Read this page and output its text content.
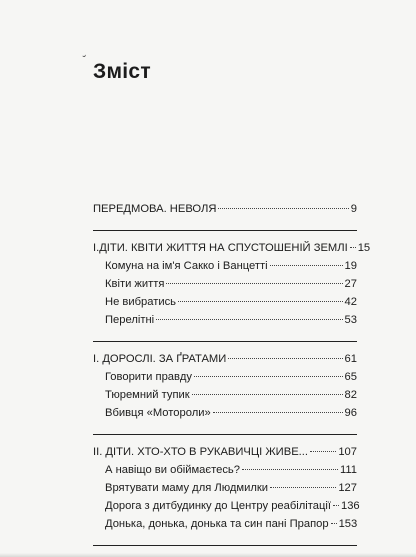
ˇ Зміст
ПЕРЕДМОВА. НЕВОЛЯ	9
I.ДІТИ. КВІТИ ЖИТТЯ НА СПУСТОШЕНІЙ ЗЕМЛІ 15
Комуна на ім'я Сакко і Ванцетті	19
Квіти життя	27
Не вибратись	42
Перелітні	53
І. ДОРОСЛІ. ЗА ҐРАТАМИ	61
Говорити правду	65
Тюремний тупик	82
Вбивця «Мотороли»	96
II. ДІТИ. ХТО-ХТО В РУКАВИЧЦІ ЖИВЕ...	107
А навіщо ви обіймаєтесь?	111
Врятувати маму для Людмилки	127
Дорога з дитбудинку до Центру реабілітації 136
Донька, донька, донька та син пані Прапор 153
